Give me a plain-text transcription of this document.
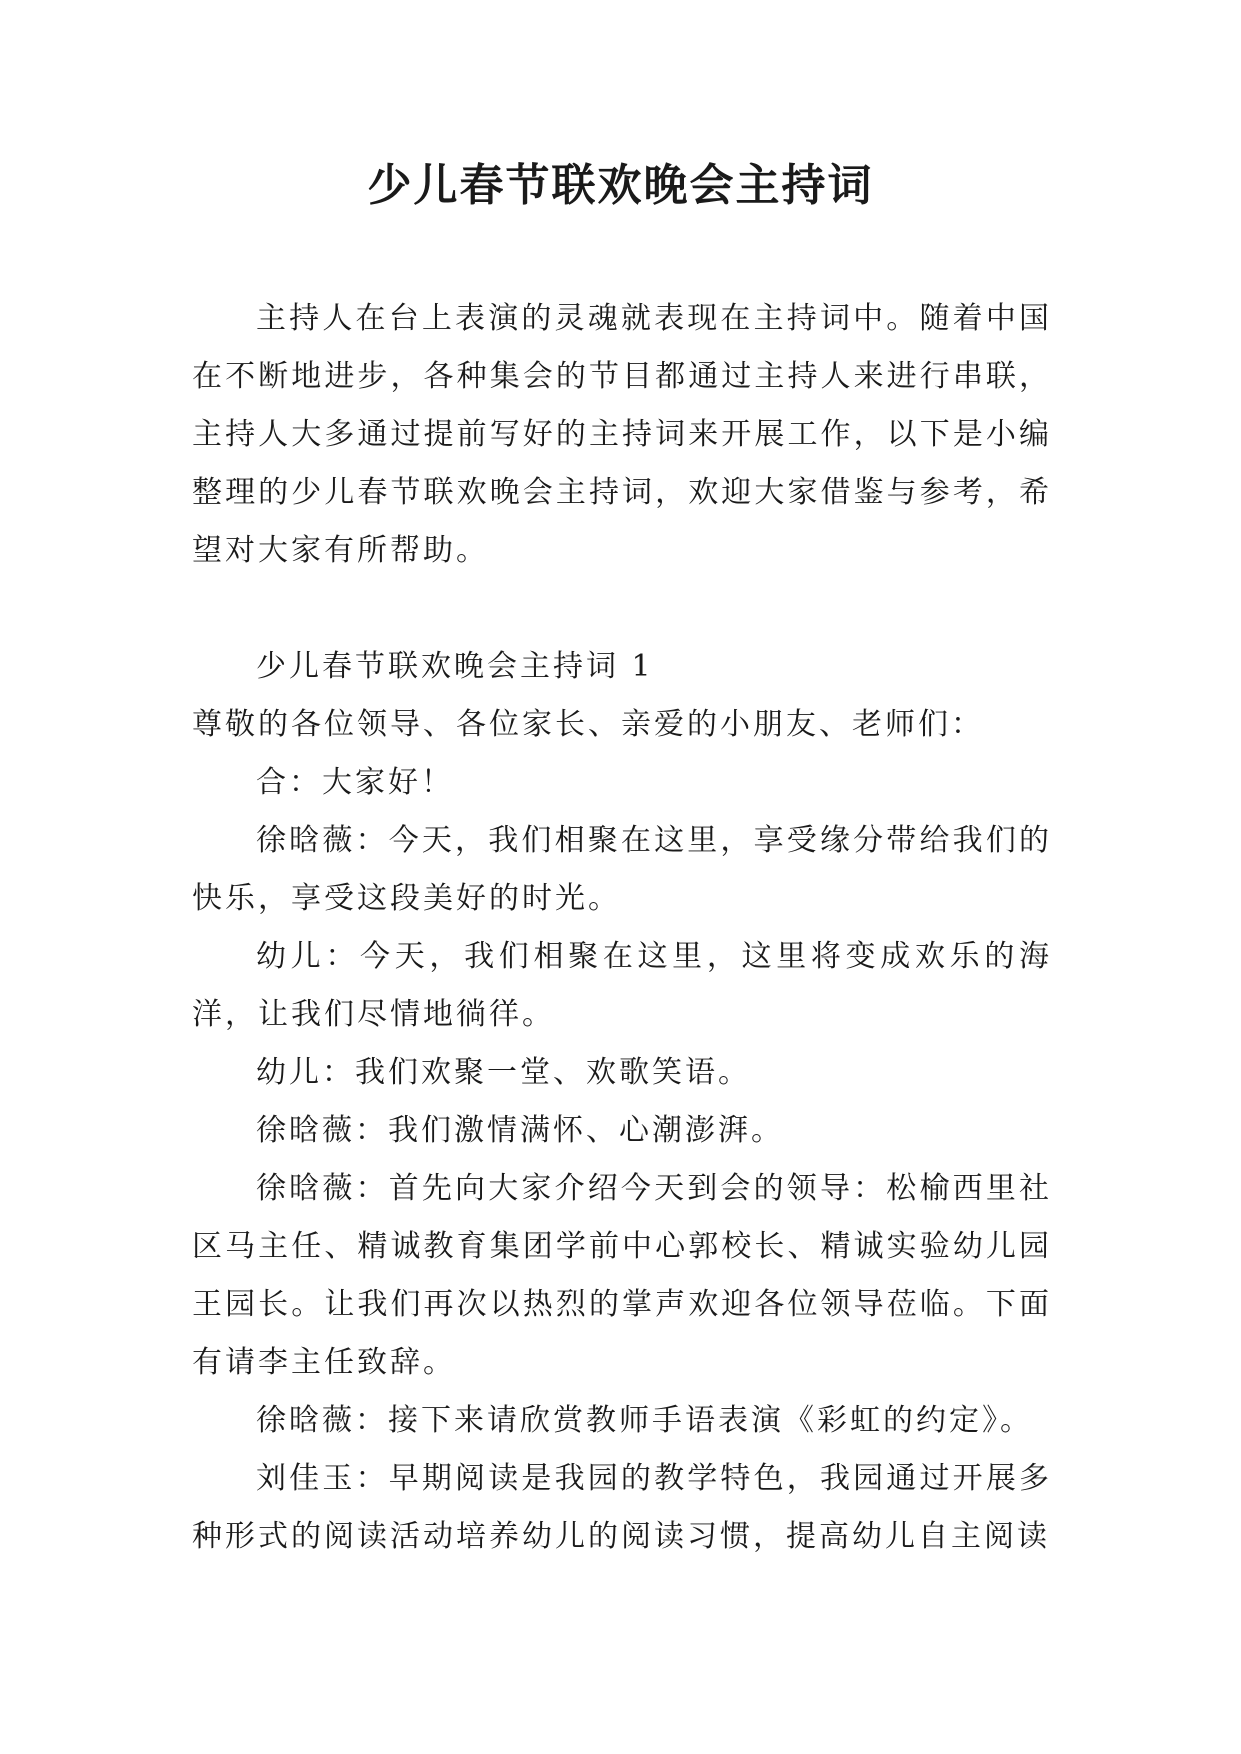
少儿春节联欢晚会主持词

主持人在台上表演的灵魂就表现在主持词中。随着中国在不断地进步，各种集会的节目都通过主持人来进行串联，主持人大多通过提前写好的主持词来开展工作，以下是小编整理的少儿春节联欢晚会主持词，欢迎大家借鉴与参考，希望对大家有所帮助。

少儿春节联欢晚会主持词 1

尊敬的各位领导、各位家长、亲爱的小朋友、老师们：

合：大家好！

徐晗薇：今天，我们相聚在这里，享受缘分带给我们的快乐，享受这段美好的时光。

幼儿：今天，我们相聚在这里，这里将变成欢乐的海洋，让我们尽情地徜徉。

幼儿：我们欢聚一堂、欢歌笑语。

徐晗薇：我们激情满怀、心潮澎湃。

徐晗薇：首先向大家介绍今天到会的领导：松榆西里社区马主任、精诚教育集团学前中心郭校长、精诚实验幼儿园王园长。让我们再次以热烈的掌声欢迎各位领导莅临。下面有请李主任致辞。

徐晗薇：接下来请欣赏教师手语表演《彩虹的约定》。

刘佳玉：早期阅读是我园的教学特色，我园通过开展多种形式的阅读活动培养幼儿的阅读习惯，提高幼儿自主阅读
